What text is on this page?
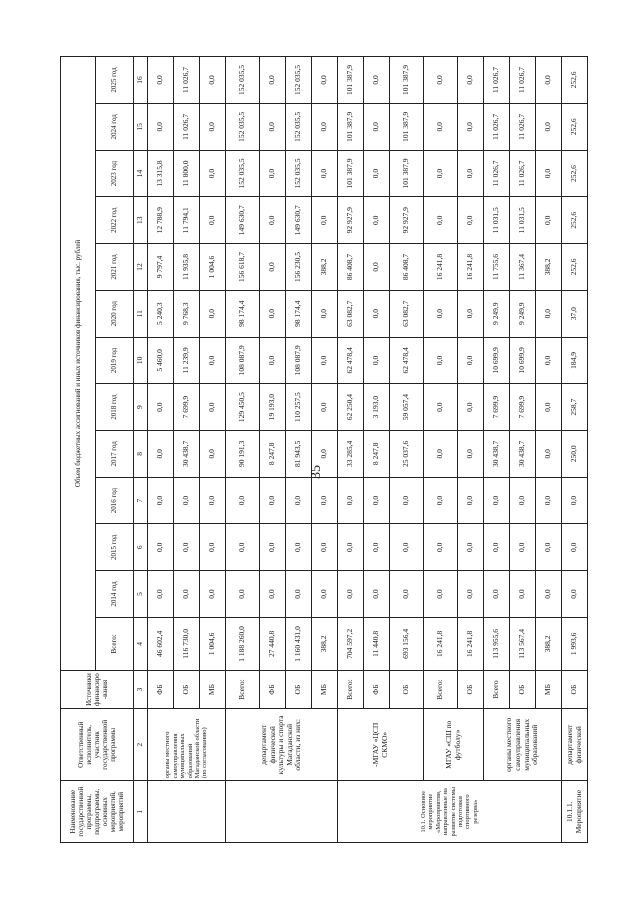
35
Наименование государственной программы, подпрограммы, основных мероприятий, мероприятий	Ответственный исполнитель, участник государственной программы	Источники финансиро-вания	Объем бюджетных ассигнований и иных источников финансирования, тыс. рублей												
			Всего:	2014 год	2015 год	2016 год	2017 год	2018 год	2019 год	2020 год	2021 год	2022 год	2023 год	2024 год	2025 год
1	2	3	4	5	6	7	8	9	10	11	12	13	14	15	16
	органы местного самоуправления муниципальных образований Магаданской области (по согласованию)	ФБ	46 602,4	0,0	0,0	0,0	0,0	0,0	5 460,0	5 240,3	9 797,4	12 788,9	13 315,8	0,0	0,0
		ОБ	116 730,0	0,0	0,0	0,0	30 438,7	7 699,9	11 239,9	9 768,3	11 935,8	11 794,1	11 800,0	11 026,7	11 026,7
		МБ	1 004,6	0,0	0,0	0,0	0,0	0,0	0,0	0,0	1 004,6	0,0	0,0	0,0	0,0
	департамент физической культуры и спорта Магаданской области, из них:	Всего:	1 188 260,0	0,0	0,0	0,0	90 191,3	129 450,5	108 087,9	98 174,4	156 618,7	149 630,7	152 035,5	152 035,5	152 035,5
		ФБ	27 440,8	0,0	0,0	0,0	8 247,8	19 193,0	0,0	0,0	0,0	0,0	0,0	0,0	0,0
		ОБ	1 160 431,0	0,0	0,0	0,0	81 943,5	110 257,5	108 087,9	98 174,4	156 230,5	149 630,7	152 035,5	152 035,5	152 035,5
		МБ	388,2	0,0	0,0	0,0	0,0	0,0	0,0	0,0	388,2	0,0	0,0	0,0	0,0
10.1. Основное мероприятие «Мероприятия, направленные на развитие системы подготовки спортивного резерва»	-МГАУ «ЦСП СКМО»	Всего:	704 597,2	0,0	0,0	0,0	33 285,4	62 250,4	62 478,4	63 082,7	86 408,7	92 927,9	101 387,9	101 387,9	101 387,9
		ФБ	11 440,8	0,0	0,0	0,0	8 247,8	3 193,0	0,0	0,0	0,0	0,0	0,0	0,0	0,0
		ОБ	693 156,4	0,0	0,0	0,0	25 037,6	59 057,4	62 478,4	63 082,7	86 408,7	92 927,9	101 387,9	101 387,9	101 387,9
	МГАУ «СШ по футболу»	Всего:	16 241,8	0,0	0,0	0,0	0,0	0,0	0,0	0,0	16 241,8	0,0	0,0	0,0	0,0
		ОБ	16 241,8	0,0	0,0	0,0	0,0	0,0	0,0	0,0	16 241,8	0,0	0,0	0,0	0,0
	органы местного самоуправления муниципальных образований	Всего	113 955,6	0,0	0,0	0,0	30 438,7	7 699,9	10 699,9	9 249,9	11 755,6	11 031,5	11 026,7	11 026,7	11 026,7
		ОБ	113 567,4	0,0	0,0	0,0	30 438,7	7 699,9	10 699,9	9 249,9	11 367,4	11 031,5	11 026,7	11 026,7	11 026,7
		МБ	388,2	0,0	0,0	0,0	0,0	0,0	0,0	0,0	388,2	0,0	0,0	0,0	0,0
10.1.1. Мероприятие	департамент физической	ОБ	1 993,6	0,0	0,0	0,0	250,0	258,7	184,9	37,0	252,6	252,6	252,6	252,6	252,6
